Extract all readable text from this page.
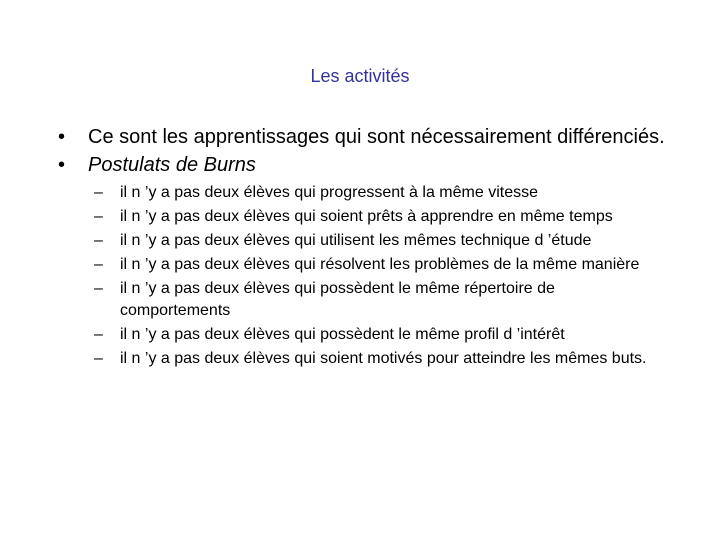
Les activités
• Ce sont les apprentissages qui sont nécessairement différenciés.
• Postulats de Burns
– il n ’y a pas deux élèves qui progressent à la même vitesse
– il n ’y a pas deux élèves qui soient prêts à apprendre en même temps
– il n ’y a pas deux élèves qui utilisent les mêmes technique d ’étude
– il n ’y a pas deux élèves qui résolvent les problèmes de la même manière
– il n ’y a pas deux élèves qui possèdent le même répertoire de comportements
– il n ’y a pas deux élèves qui possèdent le même profil d ’intérêt
– il n ’y a pas deux élèves qui soient motivés pour atteindre les mêmes buts.
